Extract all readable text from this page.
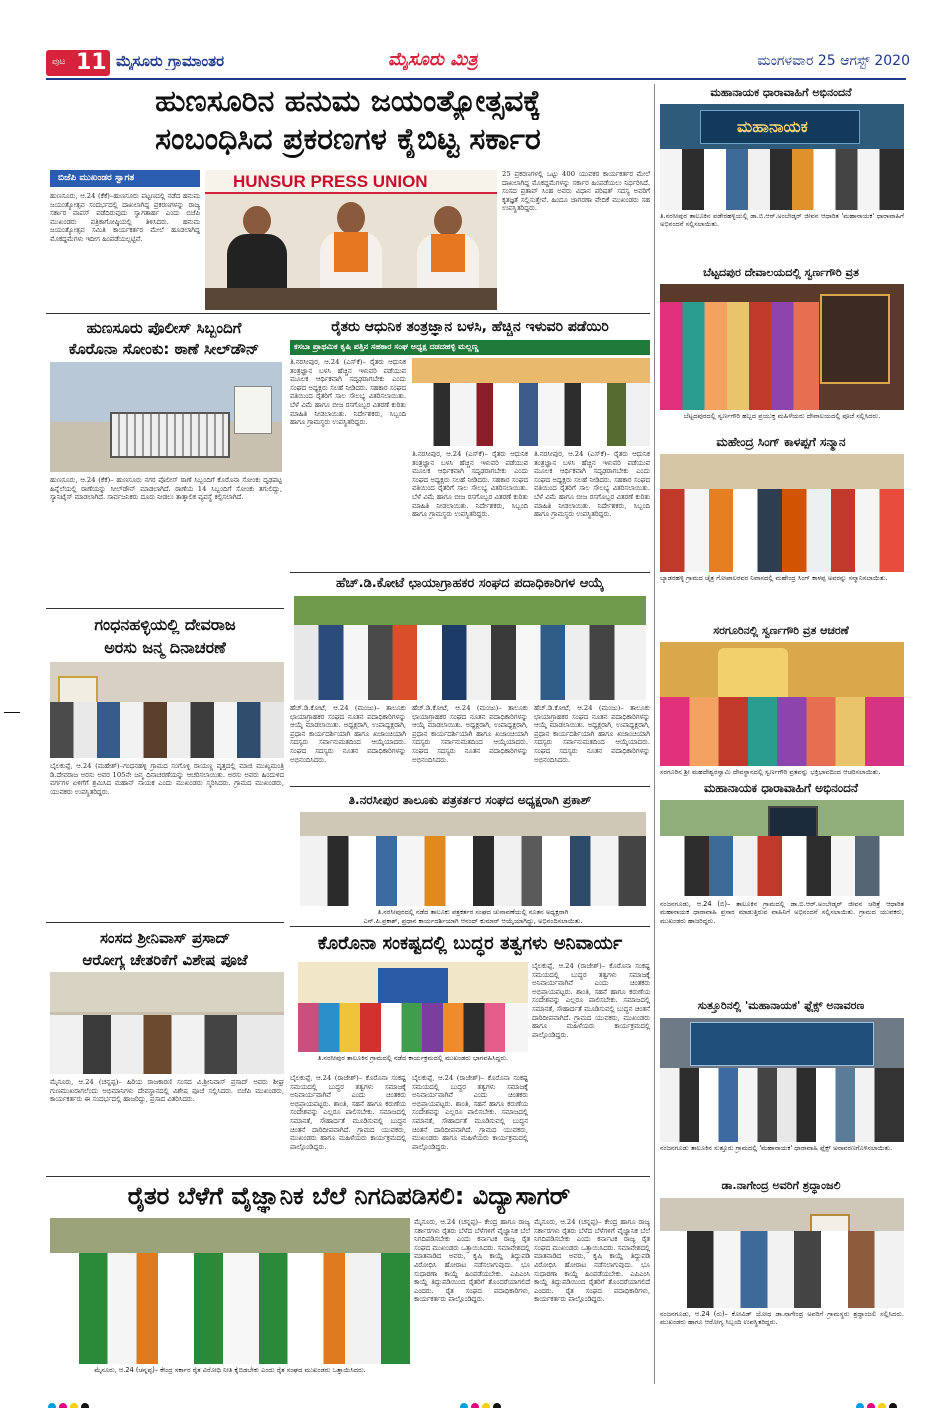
ಪುಟ 11 ಮೈಸೂರು ಗ್ರಾಮಾಂತರ	ಮೈಸೂರು ಮಿತ್ರ	ಮಂಗಳವಾರ 25 ಆಗಸ್ಟ್ 2020
ಹುಣಸೂರಿನ ಹನುಮ ಜಯಂತ್ಯೋತ್ಸವಕ್ಕೆ
ಸಂಬಂಧಿಸಿದ ಪ್ರಕರಣಗಳ ಕೈಬಿಟ್ಟ ಸರ್ಕಾರ
ಬಿಜೆಪಿ ಮುಖಂಡರ ಸ್ವಾಗತ
ಹುಣಸೂರು, ಆ.24 (ಕೆಕೆ)–ಹುಣಸೂರು ಪಟ್ಟಣದಲ್ಲಿ ನಡೆದ ಹನುಮ ಜಯಂತ್ಯೋತ್ಸವ ಸಂದರ್ಭದಲ್ಲಿ ದಾಖಲಾಗಿದ್ದ ಪ್ರಕರಣಗಳನ್ನು ರಾಜ್ಯ ಸರ್ಕಾರ ವಾಪಸ್ ಪಡೆದಿರುವುದು ಸ್ವಾಗತಾರ್ಹ ಎಂದು ಬಿಜೆಪಿ ಮುಖಂಡರು ಪತ್ರಿಕಾಗೋಷ್ಠಿಯಲ್ಲಿ ತಿಳಿಸಿದರು. ಹನುಮ ಜಯಂತ್ಯೋತ್ಸವ ಸಮಿತಿ ಕಾರ್ಯಕರ್ತರ ಮೇಲೆ ಹೂಡಲಾಗಿದ್ದ ಮೊಕದ್ದಮೆಗಳು ಇದೀಗ ಹಿಂಪಡೆಯಲ್ಪಟ್ಟಿವೆ.
HUNSUR PRESS UNION	25 ಪ್ರಕರಣಗಳಲ್ಲಿ ಒಟ್ಟು 400 ಯುವಕರ ಕಾರ್ಯಕರ್ತರ ಮೇಲೆ ದಾಖಲಾಗಿದ್ದ ಮೊಕದ್ದಮೆಗಳನ್ನು ಸರ್ಕಾರ ಹಿಂಪಡೆಯಲು ನಿರ್ಧರಿಸಿದೆ. ಸಂಸದ ಪ್ರತಾಪ್ ಸಿಂಹ ಅವರು ವಿಧಾನ ಪರಿಷತ್ ಸದಸ್ಯ ಅವರಿಗೆ ಕೃತಜ್ಞತೆ ಸಲ್ಲಿಸುತ್ತೇವೆ. ಹಿಂದೂ ಜಾಗರಣಾ ವೇದಿಕೆ ಮುಖಂಡರು ಸಹ ಉಪಸ್ಥಿತರಿದ್ದರು.
ಹುಣಸೂರು ಪೊಲೀಸ್ ಸಿಬ್ಬಂದಿಗೆ
ಕೊರೊನಾ ಸೋಂಕು: ಠಾಣೆ ಸೀಲ್‌ಡೌನ್
ಹುಣಸೂರು, ಆ.24 (ಕೆಕೆ)– ಹುಣಸೂರು ನಗರ ಪೊಲೀಸ್ ಠಾಣೆ ಸಿಬ್ಬಂದಿಗೆ ಕೊರೊನಾ ಸೋಂಕು ದೃಢಪಟ್ಟ ಹಿನ್ನೆಲೆಯಲ್ಲಿ ಠಾಣೆಯನ್ನು ಸೀಲ್‌ಡೌನ್ ಮಾಡಲಾಗಿದೆ. ಠಾಣೆಯ 14 ಸಿಬ್ಬಂದಿಗೆ ಸೋಂಕು ತಗುಲಿದ್ದು, ಸ್ಯಾನಿಟೈಸ್ ಮಾಡಲಾಗಿದೆ. ಸಾರ್ವಜನಿಕರು ದೂರು ನೀಡಲು ತಾತ್ಕಾಲಿಕ ವ್ಯವಸ್ಥೆ ಕಲ್ಪಿಸಲಾಗಿದೆ.
ಗಂಧನಹಳ್ಳಿಯಲ್ಲಿ ದೇವರಾಜ
ಅರಸು ಜನ್ಮ ದಿನಾಚರಣೆ
ಬೈಲಕುಪ್ಪೆ, ಆ.24 (ಮಹೇಶ್)–ಗಂಧನಹಳ್ಳಿ ಗ್ರಾಮದ ಸಂಗೊಳ್ಳಿ ರಾಯಣ್ಣ ವೃತ್ತದಲ್ಲಿ ಮಾಜಿ ಮುಖ್ಯಮಂತ್ರಿ ಡಿ.ದೇವರಾಜ ಅರಸು ಅವರ 105ನೇ ಜನ್ಮ ದಿನಾಚರಣೆಯನ್ನು ಆಚರಿಸಲಾಯಿತು. ಅರಸು ಅವರು ಹಿಂದುಳಿದ ವರ್ಗಗಳ ಏಳಿಗೆಗೆ ಶ್ರಮಿಸಿದ ಮಹಾನ್ ನಾಯಕ ಎಂದು ಮುಖಂಡರು ಸ್ಮರಿಸಿದರು. ಗ್ರಾಮದ ಮುಖಂಡರು, ಯುವಕರು ಉಪಸ್ಥಿತರಿದ್ದರು.
ಸಂಸದ ಶ್ರೀನಿವಾಸ್ ಪ್ರಸಾದ್
ಆರೋಗ್ಯ ಚೇತರಿಕೆಗೆ ವಿಶೇಷ ಪೂಜೆ
ಮೈಸೂರು, ಆ.24 (ಚನ್ನಪ್ಪ)– ಹಿರಿಯ ರಾಜಕಾರಣಿ ಸಂಸದ ವಿ.ಶ್ರೀನಿವಾಸ್ ಪ್ರಸಾದ್ ಅವರು ಶೀಘ್ರ ಗುಣಮುಖರಾಗಲೆಂದು ಅಭಿಮಾನಿಗಳು ದೇವಸ್ಥಾನದಲ್ಲಿ ವಿಶೇಷ ಪೂಜೆ ಸಲ್ಲಿಸಿದರು. ಬಿಜೆಪಿ ಮುಖಂಡರು, ಕಾರ್ಯಕರ್ತರು ಈ ಸಂದರ್ಭದಲ್ಲಿ ಹಾಜರಿದ್ದು, ಪ್ರಸಾದ ವಿತರಿಸಿದರು.
ರೈತರು ಆಧುನಿಕ ತಂತ್ರಜ್ಞಾನ ಬಳಸಿ, ಹೆಚ್ಚಿನ ಇಳುವರಿ ಪಡೆಯಿರಿ
ಕಸಬಾ ಪ್ರಾಥಮಿಕ ಕೃಷಿ ಪತ್ತಿನ ಸಹಕಾರ ಸಂಘ ಅಧ್ಯಕ್ಷ ದಡದಹಳ್ಳಿ ಮಲ್ಲಣ್ಣ
ತಿ.ನರಸೀಪುರ, ಆ.24 (ಎಸ್‌ಕೆ)– ರೈತರು ಆಧುನಿಕ ತಂತ್ರಜ್ಞಾನ ಬಳಸಿ ಹೆಚ್ಚಿನ ಇಳುವರಿ ಪಡೆಯುವ ಮೂಲಕ ಆರ್ಥಿಕವಾಗಿ ಸದೃಢರಾಗಬೇಕು ಎಂದು ಸಂಘದ ಅಧ್ಯಕ್ಷರು ಸಲಹೆ ನೀಡಿದರು. ಸಹಕಾರ ಸಂಘದ ವತಿಯಿಂದ ರೈತರಿಗೆ ಸಾಲ ಸೌಲಭ್ಯ ವಿತರಿಸಲಾಯಿತು. ಬೆಳೆ ವಿಮೆ ಹಾಗೂ ಬೀಜ ರಸಗೊಬ್ಬರ ವಿತರಣೆ ಕುರಿತು ಮಾಹಿತಿ ನೀಡಲಾಯಿತು. ನಿರ್ದೇಶಕರು, ಸಿಬ್ಬಂದಿ ಹಾಗೂ ಗ್ರಾಮಸ್ಥರು ಉಪಸ್ಥಿತರಿದ್ದರು.
ತಿ.ನರಸೀಪುರ, ಆ.24 (ಎಸ್‌ಕೆ)– ರೈತರು ಆಧುನಿಕ ತಂತ್ರಜ್ಞಾನ ಬಳಸಿ ಹೆಚ್ಚಿನ ಇಳುವರಿ ಪಡೆಯುವ ಮೂಲಕ ಆರ್ಥಿಕವಾಗಿ ಸದೃಢರಾಗಬೇಕು ಎಂದು ಸಂಘದ ಅಧ್ಯಕ್ಷರು ಸಲಹೆ ನೀಡಿದರು. ಸಹಕಾರ ಸಂಘದ ವತಿಯಿಂದ ರೈತರಿಗೆ ಸಾಲ ಸೌಲಭ್ಯ ವಿತರಿಸಲಾಯಿತು. ಬೆಳೆ ವಿಮೆ ಹಾಗೂ ಬೀಜ ರಸಗೊಬ್ಬರ ವಿತರಣೆ ಕುರಿತು ಮಾಹಿತಿ ನೀಡಲಾಯಿತು. ನಿರ್ದೇಶಕರು, ಸಿಬ್ಬಂದಿ ಹಾಗೂ ಗ್ರಾಮಸ್ಥರು ಉಪಸ್ಥಿತರಿದ್ದರು.
ತಿ.ನರಸೀಪುರ, ಆ.24 (ಎಸ್‌ಕೆ)– ರೈತರು ಆಧುನಿಕ ತಂತ್ರಜ್ಞಾನ ಬಳಸಿ ಹೆಚ್ಚಿನ ಇಳುವರಿ ಪಡೆಯುವ ಮೂಲಕ ಆರ್ಥಿಕವಾಗಿ ಸದೃಢರಾಗಬೇಕು ಎಂದು ಸಂಘದ ಅಧ್ಯಕ್ಷರು ಸಲಹೆ ನೀಡಿದರು. ಸಹಕಾರ ಸಂಘದ ವತಿಯಿಂದ ರೈತರಿಗೆ ಸಾಲ ಸೌಲಭ್ಯ ವಿತರಿಸಲಾಯಿತು. ಬೆಳೆ ವಿಮೆ ಹಾಗೂ ಬೀಜ ರಸಗೊಬ್ಬರ ವಿತರಣೆ ಕುರಿತು ಮಾಹಿತಿ ನೀಡಲಾಯಿತು. ನಿರ್ದೇಶಕರು, ಸಿಬ್ಬಂದಿ ಹಾಗೂ ಗ್ರಾಮಸ್ಥರು ಉಪಸ್ಥಿತರಿದ್ದರು.
ಹೆಚ್.ಡಿ.ಕೋಟೆ ಛಾಯಾಗ್ರಾಹಕರ ಸಂಘದ ಪದಾಧಿಕಾರಿಗಳ ಆಯ್ಕೆ
ಹೆಚ್.ಡಿ.ಕೋಟೆ, ಆ.24 (ಮಂಜು)– ತಾಲೂಕು ಛಾಯಾಗ್ರಾಹಕರ ಸಂಘದ ನೂತನ ಪದಾಧಿಕಾರಿಗಳನ್ನು ಆಯ್ಕೆ ಮಾಡಲಾಯಿತು. ಅಧ್ಯಕ್ಷರಾಗಿ, ಉಪಾಧ್ಯಕ್ಷರಾಗಿ, ಪ್ರಧಾನ ಕಾರ್ಯದರ್ಶಿಯಾಗಿ ಹಾಗೂ ಖಜಾಂಚಿಯಾಗಿ ಸದಸ್ಯರು ಸರ್ವಾನುಮತದಿಂದ ಆಯ್ಕೆಯಾದರು. ಸಂಘದ ಸದಸ್ಯರು ನೂತನ ಪದಾಧಿಕಾರಿಗಳನ್ನು ಅಭಿನಂದಿಸಿದರು.
ಹೆಚ್.ಡಿ.ಕೋಟೆ, ಆ.24 (ಮಂಜು)– ತಾಲೂಕು ಛಾಯಾಗ್ರಾಹಕರ ಸಂಘದ ನೂತನ ಪದಾಧಿಕಾರಿಗಳನ್ನು ಆಯ್ಕೆ ಮಾಡಲಾಯಿತು. ಅಧ್ಯಕ್ಷರಾಗಿ, ಉಪಾಧ್ಯಕ್ಷರಾಗಿ, ಪ್ರಧಾನ ಕಾರ್ಯದರ್ಶಿಯಾಗಿ ಹಾಗೂ ಖಜಾಂಚಿಯಾಗಿ ಸದಸ್ಯರು ಸರ್ವಾನುಮತದಿಂದ ಆಯ್ಕೆಯಾದರು. ಸಂಘದ ಸದಸ್ಯರು ನೂತನ ಪದಾಧಿಕಾರಿಗಳನ್ನು ಅಭಿನಂದಿಸಿದರು.
ಹೆಚ್.ಡಿ.ಕೋಟೆ, ಆ.24 (ಮಂಜು)– ತಾಲೂಕು ಛಾಯಾಗ್ರಾಹಕರ ಸಂಘದ ನೂತನ ಪದಾಧಿಕಾರಿಗಳನ್ನು ಆಯ್ಕೆ ಮಾಡಲಾಯಿತು. ಅಧ್ಯಕ್ಷರಾಗಿ, ಉಪಾಧ್ಯಕ್ಷರಾಗಿ, ಪ್ರಧಾನ ಕಾರ್ಯದರ್ಶಿಯಾಗಿ ಹಾಗೂ ಖಜಾಂಚಿಯಾಗಿ ಸದಸ್ಯರು ಸರ್ವಾನುಮತದಿಂದ ಆಯ್ಕೆಯಾದರು. ಸಂಘದ ಸದಸ್ಯರು ನೂತನ ಪದಾಧಿಕಾರಿಗಳನ್ನು ಅಭಿನಂದಿಸಿದರು.
ತಿ.ನರಸೀಪುರ ತಾಲೂಕು ಪತ್ರಕರ್ತರ ಸಂಘದ ಅಧ್ಯಕ್ಷರಾಗಿ ಪ್ರಕಾಶ್
ತಿ.ನರಸೀಪುರದಲ್ಲಿ ನಡೆದ ತಾಲೂಕು ಪತ್ರಕರ್ತರ ಸಂಘದ ಚುನಾವಣೆಯಲ್ಲಿ ನೂತನ ಅಧ್ಯಕ್ಷರಾಗಿ
ಎನ್.ಪಿ.ಪ್ರಕಾಶ್, ಪ್ರಧಾನ ಕಾರ್ಯದರ್ಶಿಯಾಗಿ ಆನಂದ್ ಕುಮಾರ್ ಆಯ್ಕೆಯಾಗಿದ್ದು, ಅಭಿನಂದಿಸಲಾಯಿತು.
ಕೊರೊನಾ ಸಂಕಷ್ಟದಲ್ಲಿ ಬುದ್ಧರ ತತ್ವಗಳು ಅನಿವಾರ್ಯ
ಬೈಲಕುಪ್ಪೆ, ಆ.24 (ರಾಜೇಶ್)– ಕೊರೊನಾ ಸಂಕಷ್ಟ ಸಮಯದಲ್ಲಿ ಬುದ್ಧರ ತತ್ವಗಳು ಸಮಾಜಕ್ಕೆ ಅನಿವಾರ್ಯವಾಗಿವೆ ಎಂದು ಚಿಂತಕರು ಅಭಿಪ್ರಾಯಪಟ್ಟರು. ಶಾಂತಿ, ಸಹನೆ ಹಾಗೂ ಕರುಣೆಯ ಸಂದೇಶವನ್ನು ಎಲ್ಲರೂ ಪಾಲಿಸಬೇಕು. ಸಮಾಜದಲ್ಲಿ ಸಮಾನತೆ, ಸೌಹಾರ್ದತೆ ಮೂಡಿಸುವಲ್ಲಿ ಬುದ್ಧನ ಚಿಂತನೆ ದಾರಿದೀಪವಾಗಿದೆ. ಗ್ರಾಮದ ಯುವಕರು, ಮುಖಂಡರು ಹಾಗೂ ಮಹಿಳೆಯರು ಕಾರ್ಯಕ್ರಮದಲ್ಲಿ ಪಾಲ್ಗೊಂಡಿದ್ದರು.
ತಿ.ನರಸೀಪುರ ತಾಲೂಕಿನ ಗ್ರಾಮದಲ್ಲಿ ನಡೆದ ಕಾರ್ಯಕ್ರಮದಲ್ಲಿ ಮುಖಂಡರು ಭಾಗವಹಿಸಿದ್ದರು.
ಬೈಲಕುಪ್ಪೆ, ಆ.24 (ರಾಜೇಶ್)– ಕೊರೊನಾ ಸಂಕಷ್ಟ ಸಮಯದಲ್ಲಿ ಬುದ್ಧರ ತತ್ವಗಳು ಸಮಾಜಕ್ಕೆ ಅನಿವಾರ್ಯವಾಗಿವೆ ಎಂದು ಚಿಂತಕರು ಅಭಿಪ್ರಾಯಪಟ್ಟರು. ಶಾಂತಿ, ಸಹನೆ ಹಾಗೂ ಕರುಣೆಯ ಸಂದೇಶವನ್ನು ಎಲ್ಲರೂ ಪಾಲಿಸಬೇಕು. ಸಮಾಜದಲ್ಲಿ ಸಮಾನತೆ, ಸೌಹಾರ್ದತೆ ಮೂಡಿಸುವಲ್ಲಿ ಬುದ್ಧನ ಚಿಂತನೆ ದಾರಿದೀಪವಾಗಿದೆ. ಗ್ರಾಮದ ಯುವಕರು, ಮುಖಂಡರು ಹಾಗೂ ಮಹಿಳೆಯರು ಕಾರ್ಯಕ್ರಮದಲ್ಲಿ ಪಾಲ್ಗೊಂಡಿದ್ದರು.
ಬೈಲಕುಪ್ಪೆ, ಆ.24 (ರಾಜೇಶ್)– ಕೊರೊನಾ ಸಂಕಷ್ಟ ಸಮಯದಲ್ಲಿ ಬುದ್ಧರ ತತ್ವಗಳು ಸಮಾಜಕ್ಕೆ ಅನಿವಾರ್ಯವಾಗಿವೆ ಎಂದು ಚಿಂತಕರು ಅಭಿಪ್ರಾಯಪಟ್ಟರು. ಶಾಂತಿ, ಸಹನೆ ಹಾಗೂ ಕರುಣೆಯ ಸಂದೇಶವನ್ನು ಎಲ್ಲರೂ ಪಾಲಿಸಬೇಕು. ಸಮಾಜದಲ್ಲಿ ಸಮಾನತೆ, ಸೌಹಾರ್ದತೆ ಮೂಡಿಸುವಲ್ಲಿ ಬುದ್ಧನ ಚಿಂತನೆ ದಾರಿದೀಪವಾಗಿದೆ. ಗ್ರಾಮದ ಯುವಕರು, ಮುಖಂಡರು ಹಾಗೂ ಮಹಿಳೆಯರು ಕಾರ್ಯಕ್ರಮದಲ್ಲಿ ಪಾಲ್ಗೊಂಡಿದ್ದರು.
ರೈತರ ಬೆಳೆಗೆ ವೈಜ್ಞಾನಿಕ ಬೆಲೆ ನಿಗದಿಪಡಿಸಲಿ: ವಿದ್ಯಾಸಾಗರ್
ಮೈಸೂರು, ಆ.24 (ಚನ್ನಪ್ಪ)– ಕೇಂದ್ರ ಸರ್ಕಾರ ರೈತ ವಿರೋಧಿ ನೀತಿ ಕೈಬಿಡಬೇಕು ಎಂದು ರೈತ ಸಂಘದ ಮುಖಂಡರು ಒತ್ತಾಯಿಸಿದರು.
ಮೈಸೂರು, ಆ.24 (ಚನ್ನಪ್ಪ)– ಕೇಂದ್ರ ಹಾಗೂ ರಾಜ್ಯ ಸರ್ಕಾರಗಳು ರೈತರು ಬೆಳೆದ ಬೆಳೆಗಳಿಗೆ ವೈಜ್ಞಾನಿಕ ಬೆಲೆ ನಿಗದಿಪಡಿಸಬೇಕು ಎಂದು ಕರ್ನಾಟಕ ರಾಜ್ಯ ರೈತ ಸಂಘದ ಮುಖಂಡರು ಒತ್ತಾಯಿಸಿದರು. ಸಮಾವೇಶದಲ್ಲಿ ಮಾತನಾಡಿದ ಅವರು, ಕೃಷಿ ಕಾಯ್ದೆ ತಿದ್ದುಪಡಿ ವಿರೋಧಿಸಿ ಹೋರಾಟ ನಡೆಸಲಾಗುವುದು. ಭೂ ಸುಧಾರಣಾ ಕಾಯ್ದೆ ಹಿಂಪಡೆಯಬೇಕು. ಎಪಿಎಂಸಿ ಕಾಯ್ದೆ ತಿದ್ದುಪಡಿಯಿಂದ ರೈತರಿಗೆ ತೊಂದರೆಯಾಗಲಿದೆ ಎಂದರು. ರೈತ ಸಂಘದ ಪದಾಧಿಕಾರಿಗಳು, ಕಾರ್ಯಕರ್ತರು ಪಾಲ್ಗೊಂಡಿದ್ದರು.
ಮೈಸೂರು, ಆ.24 (ಚನ್ನಪ್ಪ)– ಕೇಂದ್ರ ಹಾಗೂ ರಾಜ್ಯ ಸರ್ಕಾರಗಳು ರೈತರು ಬೆಳೆದ ಬೆಳೆಗಳಿಗೆ ವೈಜ್ಞಾನಿಕ ಬೆಲೆ ನಿಗದಿಪಡಿಸಬೇಕು ಎಂದು ಕರ್ನಾಟಕ ರಾಜ್ಯ ರೈತ ಸಂಘದ ಮುಖಂಡರು ಒತ್ತಾಯಿಸಿದರು. ಸಮಾವೇಶದಲ್ಲಿ ಮಾತನಾಡಿದ ಅವರು, ಕೃಷಿ ಕಾಯ್ದೆ ತಿದ್ದುಪಡಿ ವಿರೋಧಿಸಿ ಹೋರಾಟ ನಡೆಸಲಾಗುವುದು. ಭೂ ಸುಧಾರಣಾ ಕಾಯ್ದೆ ಹಿಂಪಡೆಯಬೇಕು. ಎಪಿಎಂಸಿ ಕಾಯ್ದೆ ತಿದ್ದುಪಡಿಯಿಂದ ರೈತರಿಗೆ ತೊಂದರೆಯಾಗಲಿದೆ ಎಂದರು. ರೈತ ಸಂಘದ ಪದಾಧಿಕಾರಿಗಳು, ಕಾರ್ಯಕರ್ತರು ಪಾಲ್ಗೊಂಡಿದ್ದರು.
ಮಹಾನಾಯಕ ಧಾರಾವಾಹಿಗೆ ಅಭಿನಂದನೆ
ಮಹಾನಾಯಕ
ತಿ.ನರಸೀಪುರ ತಾಲೂಕಿನ ವಡೇರಹಳ್ಳಿಯಲ್ಲಿ ಡಾ.ಬಿ.ಆರ್.ಅಂಬೇಡ್ಕರ್ ಜೀವನ ಆಧಾರಿತ 'ಮಹಾನಾಯಕ' ಧಾರಾವಾಹಿಗೆ ಅಭಿನಂದನೆ ಸಲ್ಲಿಸಲಾಯಿತು.
ಬೆಟ್ಟದಪುರ ದೇವಾಲಯದಲ್ಲಿ ಸ್ವರ್ಣಗೌರಿ ವ್ರತ
ಬೆಟ್ಟದಪುರದಲ್ಲಿ ಸ್ವರ್ಣಗೌರಿ ಹಬ್ಬದ ಪ್ರಯುಕ್ತ ಮಹಿಳೆಯರು ದೇವಾಲಯದಲ್ಲಿ ಪೂಜೆ ಸಲ್ಲಿಸಿದರು.
ಮಹೇಂದ್ರ ಸಿಂಗ್ ಕಾಳಪ್ಪಗೆ ಸನ್ಮಾನ
ಬ್ಯಾಡರಹಳ್ಳಿ ಗ್ರಾಮದ ಚೈತ್ರ ಗೋಪಾಲರವರ ನಿವಾಸದಲ್ಲಿ ಮಹೇಂದ್ರ ಸಿಂಗ್ ಕಾಳಪ್ಪ ಅವರನ್ನು ಸನ್ಮಾನಿಸಲಾಯಿತು.
ಸರಗೂರಿನಲ್ಲಿ ಸ್ವರ್ಣಗೌರಿ ವ್ರತ ಆಚರಣೆ
ಸರಗೂರಿನ ಶ್ರೀ ಮಹದೇಶ್ವರಸ್ವಾಮಿ ದೇವಸ್ಥಾನದಲ್ಲಿ ಸ್ವರ್ಣಗೌರಿ ವ್ರತವನ್ನು ಭಕ್ತಿಭಾವದಿಂದ ಆಚರಿಸಲಾಯಿತು.
ಮಹಾನಾಯಕ ಧಾರಾವಾಹಿಗೆ ಅಭಿನಂದನೆ
ನಂಜನಗೂಡು, ಆ.24 (ಬಿ)– ತಾಲೂಕಿನ ಗ್ರಾಮದಲ್ಲಿ ಡಾ.ಬಿ.ಆರ್.ಅಂಬೇಡ್ಕರ್ ಜೀವನ ಚರಿತ್ರೆ ಆಧಾರಿತ ಮಹಾನಾಯಕ ಧಾರಾವಾಹಿ ಪ್ರಸಾರ ಮಾಡುತ್ತಿರುವ ವಾಹಿನಿಗೆ ಅಭಿನಂದನೆ ಸಲ್ಲಿಸಲಾಯಿತು. ಗ್ರಾಮದ ಯುವಕರು, ಮುಖಂಡರು ಹಾಜರಿದ್ದರು.
ಸುತ್ತೂರಿನಲ್ಲಿ 'ಮಹಾನಾಯಕ' ಫ್ಲೆಕ್ಸ್ ಅನಾವರಣ
ನಂಜನಗೂಡು ತಾಲೂಕಿನ ಸುತ್ತೂರು ಗ್ರಾಮದಲ್ಲಿ 'ಮಹಾನಾಯಕ' ಧಾರಾವಾಹಿ ಫ್ಲೆಕ್ಸ್ ಅನಾವರಣಗೊಳಿಸಲಾಯಿತು.
ಡಾ.ನಾಗೇಂದ್ರ ಅವರಿಗೆ ಶ್ರದ್ಧಾಂಜಲಿ
ನಂಜನಗೂಡು, ಆ.24 (ರು)– ಕೋವಿಡ್ ಯೋಧ ಡಾ.ನಾಗೇಂದ್ರ ಅವರಿಗೆ ಗ್ರಾಮಸ್ಥರು ಶ್ರದ್ಧಾಂಜಲಿ ಸಲ್ಲಿಸಿದರು. ಮುಖಂಡರು ಹಾಗೂ ಆರೋಗ್ಯ ಸಿಬ್ಬಂದಿ ಉಪಸ್ಥಿತರಿದ್ದರು.
